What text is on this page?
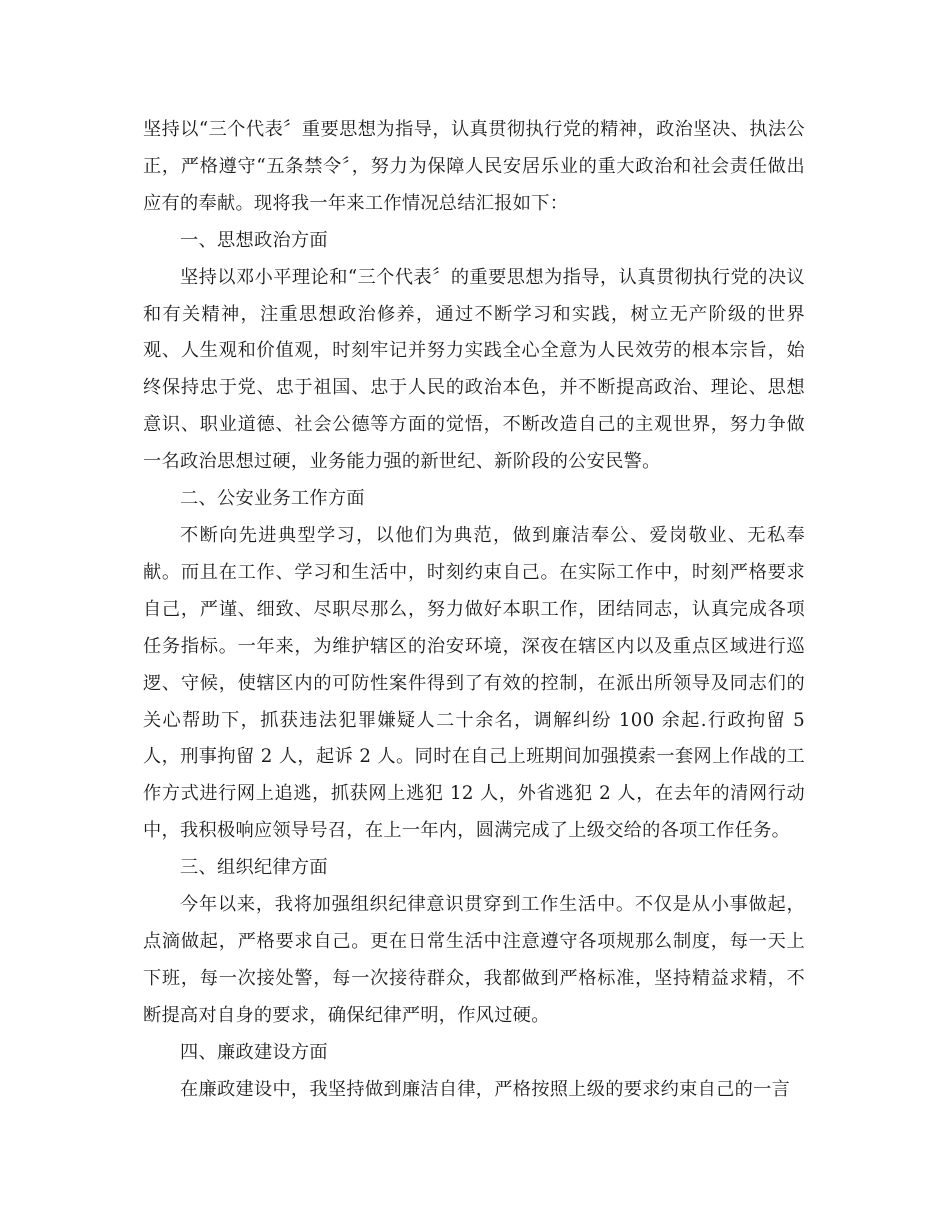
坚持以“三个代表〞重要思想为指导，认真贯彻执行党的精神，政治坚决、执法公正，严格遵守“五条禁令〞，努力为保障人民安居乐业的重大政治和社会责任做出应有的奉献。现将我一年来工作情况总结汇报如下：

一、思想政治方面

坚持以邓小平理论和“三个代表〞的重要思想为指导，认真贯彻执行党的决议和有关精神，注重思想政治修养，通过不断学习和实践，树立无产阶级的世界观、人生观和价值观，时刻牢记并努力实践全心全意为人民效劳的根本宗旨，始终保持忠于党、忠于祖国、忠于人民的政治本色，并不断提高政治、理论、思想意识、职业道德、社会公德等方面的觉悟，不断改造自己的主观世界，努力争做一名政治思想过硬，业务能力强的新世纪、新阶段的公安民警。

二、公安业务工作方面

不断向先进典型学习，以他们为典范，做到廉洁奉公、爱岗敬业、无私奉献。而且在工作、学习和生活中，时刻约束自己。在实际工作中，时刻严格要求自己，严谨、细致、尽职尽那么，努力做好本职工作，团结同志，认真完成各项任务指标。一年来，为维护辖区的治安环境，深夜在辖区内以及重点区域进行巡逻、守候，使辖区内的可防性案件得到了有效的控制，在派出所领导及同志们的关心帮助下，抓获违法犯罪嫌疑人二十余名，调解纠纷 100 余起.行政拘留 5 人，刑事拘留 2 人，起诉 2 人。同时在自己上班期间加强摸索一套网上作战的工作方式进行网上追逃，抓获网上逃犯 12 人，外省逃犯 2 人，在去年的清网行动中，我积极响应领导号召，在上一年内，圆满完成了上级交给的各项工作任务。

三、组织纪律方面

今年以来，我将加强组织纪律意识贯穿到工作生活中。不仅是从小事做起，点滴做起，严格要求自己。更在日常生活中注意遵守各项规那么制度，每一天上下班，每一次接处警，每一次接待群众，我都做到严格标准，坚持精益求精，不断提高对自身的要求，确保纪律严明，作风过硬。

四、廉政建设方面

在廉政建设中，我坚持做到廉洁自律，严格按照上级的要求约束自己的一言
